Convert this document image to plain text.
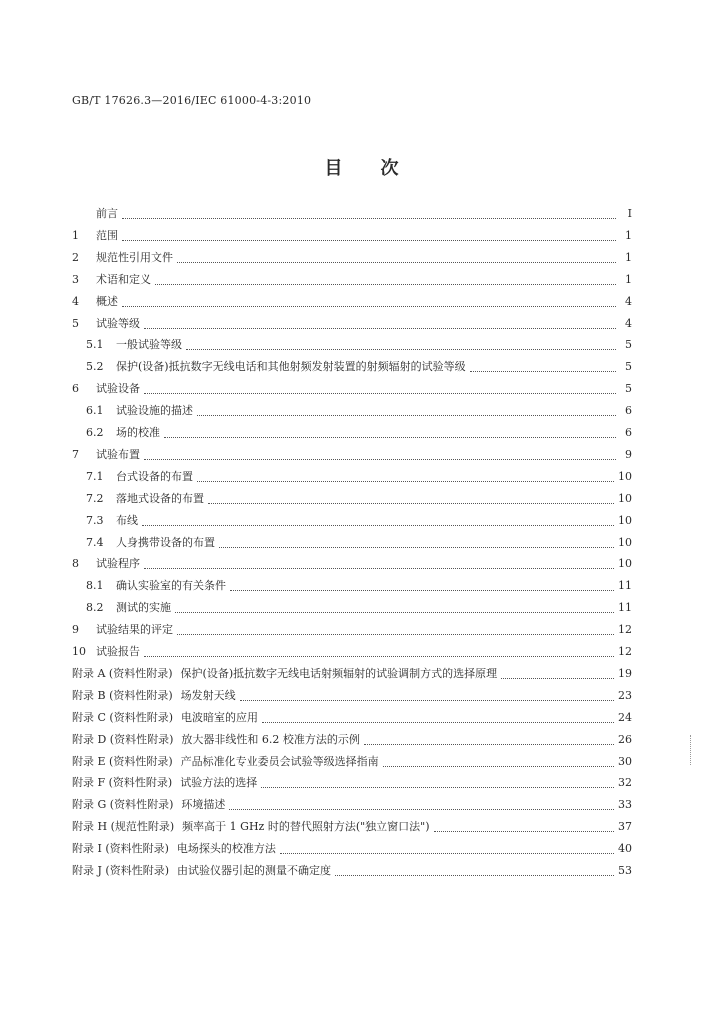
GB/T 17626.3—2016/IEC 61000-4-3:2010
目 次
前言	Ⅰ
1	范围	1
2	规范性引用文件	1
3	术语和定义	1
4	概述	4
5	试验等级	4
5.1	一般试验等级	5
5.2	保护(设备)抵抗数字无线电话和其他射频发射装置的射频辐射的试验等级	5
6	试验设备	5
6.1	试验设施的描述	6
6.2	场的校准	6
7	试验布置	9
7.1	台式设备的布置	10
7.2	落地式设备的布置	10
7.3	布线	10
7.4	人身携带设备的布置	10
8	试验程序	10
8.1	确认实验室的有关条件	11
8.2	测试的实施	11
9	试验结果的评定	12
10 试验报告	12
附录 A (资料性附录) 保护(设备)抵抗数字无线电话射频辐射的试验调制方式的选择原理	19
附录 B (资料性附录) 场发射天线	23
附录 C (资料性附录) 电波暗室的应用	24
附录 D (资料性附录) 放大器非线性和 6.2 校准方法的示例	26
附录 E (资料性附录) 产品标准化专业委员会试验等级选择指南	30
附录 F (资料性附录) 试验方法的选择	32
附录 G (资料性附录) 环境描述	33
附录 H (规范性附录) 频率高于 1 GHz 时的替代照射方法("独立窗口法")	37
附录 I (资料性附录) 电场探头的校准方法	40
附录 J (资料性附录) 由试验仪器引起的测量不确定度	53
